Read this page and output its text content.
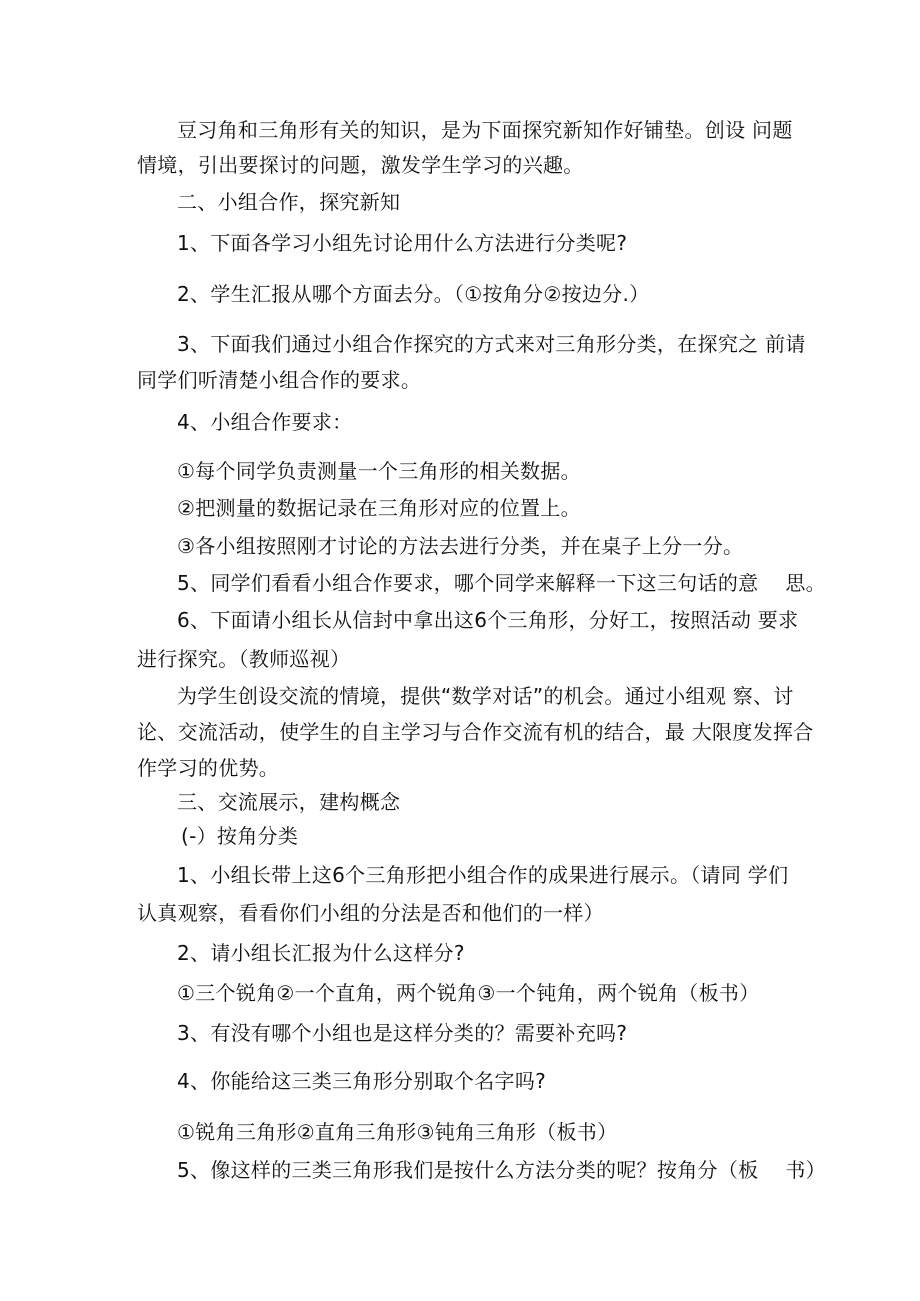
豆习角和三角形有关的知识，是为下面探究新知作好铺垫。创设 问题
情境，引出要探讨的问题，激发学生学习的兴趣。
二、小组合作，探究新知
1、下面各学习小组先讨论用什么方法进行分类呢?
2、学生汇报从哪个方面去分。（①按角分②按边分.）
3、下面我们通过小组合作探究的方式来对三角形分类，在探究之 前请
同学们听清楚小组合作的要求。
4、小组合作要求：
①每个同学负责测量一个三角形的相关数据。
②把测量的数据记录在三角形对应的位置上。
③各小组按照刚才讨论的方法去进行分类，并在桌子上分一分。
5、同学们看看小组合作要求，哪个同学来解释一下这三句话的意　 思。
6、下面请小组长从信封中拿出这6个三角形，分好工，按照活动 要求
进行探究。（教师巡视）
为学生创设交流的情境，提供“数学对话”的机会。通过小组观 察、讨
论、交流活动，使学生的自主学习与合作交流有机的结合，最 大限度发挥合
作学习的优势。
三、交流展示，建构概念
(-）按角分类
1、小组长带上这6个三角形把小组合作的成果进行展示。（请同 学们
认真观察，看看你们小组的分法是否和他们的一样）
2、请小组长汇报为什么这样分?
①三个锐角②一个直角，两个锐角③一个钝角，两个锐角（板书）
3、有没有哪个小组也是这样分类的？需要补充吗?
4、你能给这三类三角形分别取个名字吗?
①锐角三角形②直角三角形③钝角三角形（板书）
5、像这样的三类三角形我们是按什么方法分类的呢？按角分（板　 书）
